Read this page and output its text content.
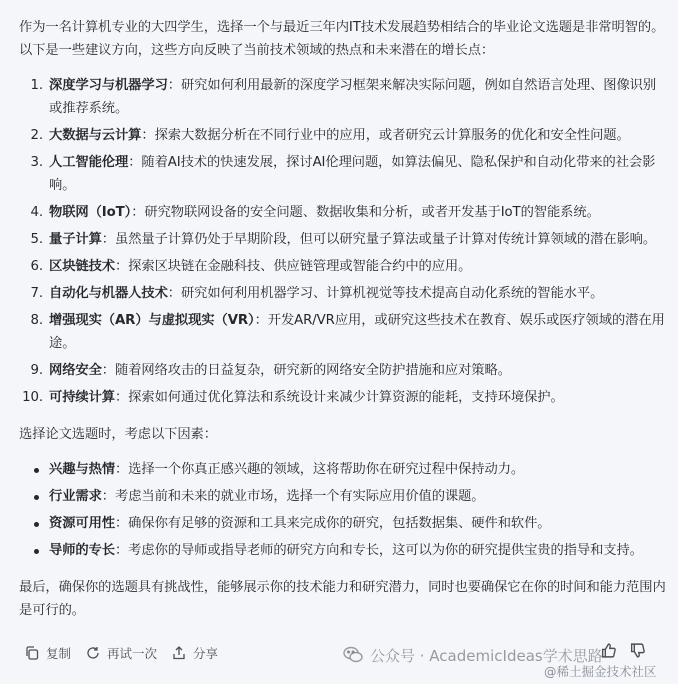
作为一名计算机专业的大四学生，选择一个与最近三年内IT技术发展趋势相结合的毕业论文选题是非常明智的。以下是一些建议方向，这些方向反映了当前技术领域的热点和未来潜在的增长点：

1. 深度学习与机器学习：研究如何利用最新的深度学习框架来解决实际问题，例如自然语言处理、图像识别或推荐系统。
2. 大数据与云计算：探索大数据分析在不同行业中的应用，或者研究云计算服务的优化和安全性问题。
3. 人工智能伦理：随着AI技术的快速发展，探讨AI伦理问题，如算法偏见、隐私保护和自动化带来的社会影响。
4. 物联网（IoT）：研究物联网设备的安全问题、数据收集和分析，或者开发基于IoT的智能系统。
5. 量子计算：虽然量子计算仍处于早期阶段，但可以研究量子算法或量子计算对传统计算领域的潜在影响。
6. 区块链技术：探索区块链在金融科技、供应链管理或智能合约中的应用。
7. 自动化与机器人技术：研究如何利用机器学习、计算机视觉等技术提高自动化系统的智能水平。
8. 增强现实（AR）与虚拟现实（VR）：开发AR/VR应用，或研究这些技术在教育、娱乐或医疗领域的潜在用途。
9. 网络安全：随着网络攻击的日益复杂，研究新的网络安全防护措施和应对策略。
10. 可持续计算：探索如何通过优化算法和系统设计来减少计算资源的能耗，支持环境保护。

选择论文选题时，考虑以下因素：

兴趣与热情：选择一个你真正感兴趣的领域，这将帮助你在研究过程中保持动力。
行业需求：考虑当前和未来的就业市场，选择一个有实际应用价值的课题。
资源可用性：确保你有足够的资源和工具来完成你的研究，包括数据集、硬件和软件。
导师的专长：考虑你的导师或指导老师的研究方向和专长，这可以为你的研究提供宝贵的指导和支持。

最后，确保你的选题具有挑战性，能够展示你的技术能力和研究潜力，同时也要确保它在你的时间和能力范围内是可行的。

复制	再试一次	分享	公众号 · AcademicIdeas学术思路
@稀土掘金技术社区
